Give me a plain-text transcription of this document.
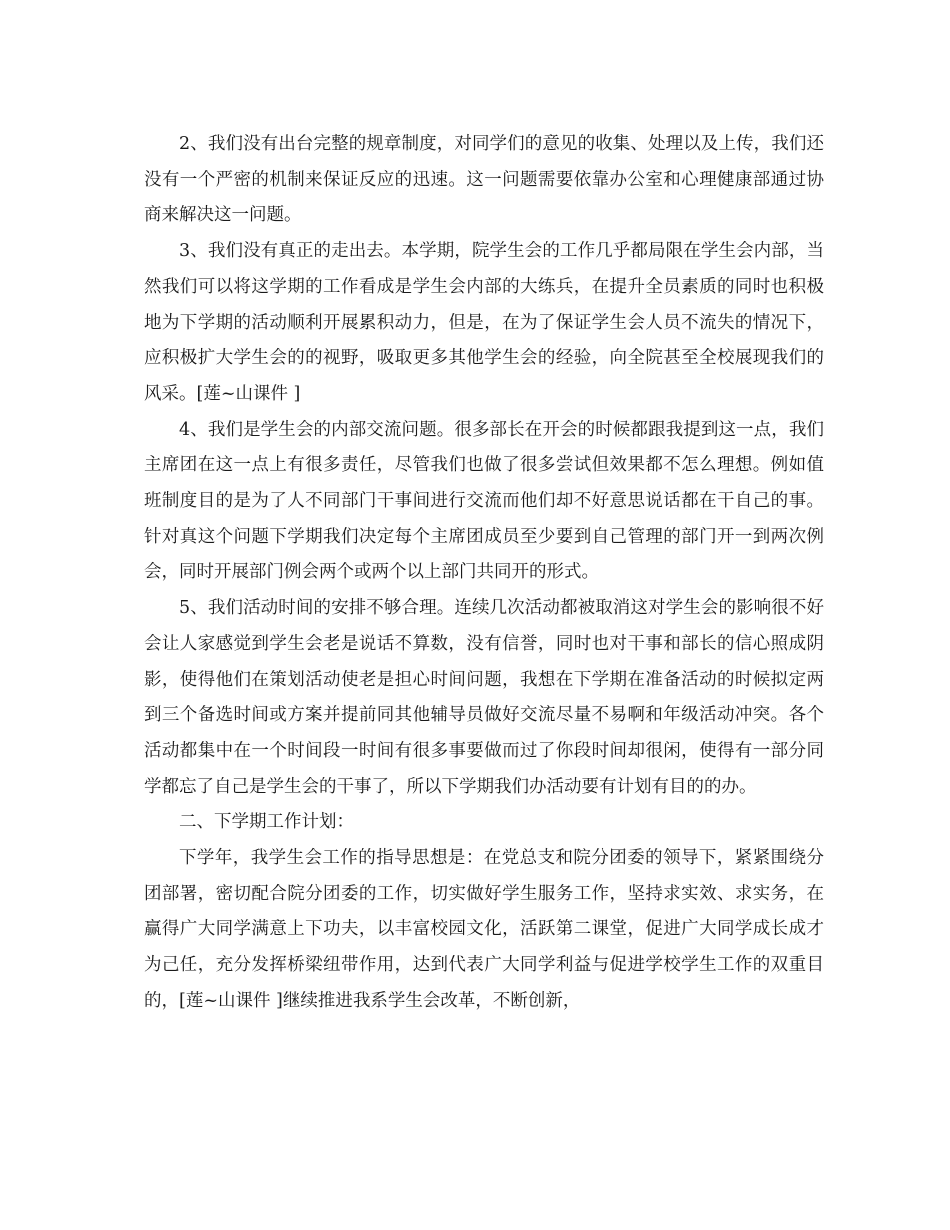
2、我们没有出台完整的规章制度，对同学们的意见的收集、处理以及上传，我们还没有一个严密的机制来保证反应的迅速。这一问题需要依靠办公室和心理健康部通过协商来解决这一问题。

3、我们没有真正的走出去。本学期，院学生会的工作几乎都局限在学生会内部，当然我们可以将这学期的工作看成是学生会内部的大练兵，在提升全员素质的同时也积极地为下学期的活动顺利开展累积动力，但是，在为了保证学生会人员不流失的情况下，应积极扩大学生会的的视野，吸取更多其他学生会的经验，向全院甚至全校展现我们的风采。[莲~山课件 ]

4、我们是学生会的内部交流问题。很多部长在开会的时候都跟我提到这一点，我们主席团在这一点上有很多责任，尽管我们也做了很多尝试但效果都不怎么理想。例如值班制度目的是为了人不同部门干事间进行交流而他们却不好意思说话都在干自己的事。针对真这个问题下学期我们决定每个主席团成员至少要到自己管理的部门开一到两次例会，同时开展部门例会两个或两个以上部门共同开的形式。

5、我们活动时间的安排不够合理。连续几次活动都被取消这对学生会的影响很不好会让人家感觉到学生会老是说话不算数，没有信誉，同时也对干事和部长的信心照成阴影，使得他们在策划活动使老是担心时间问题，我想在下学期在准备活动的时候拟定两到三个备选时间或方案并提前同其他辅导员做好交流尽量不易啊和年级活动冲突。各个活动都集中在一个时间段一时间有很多事要做而过了你段时间却很闲，使得有一部分同学都忘了自己是学生会的干事了，所以下学期我们办活动要有计划有目的的办。

二、下学期工作计划：

下学年，我学生会工作的指导思想是：在党总支和院分团委的领导下，紧紧围绕分团部署，密切配合院分团委的工作，切实做好学生服务工作，坚持求实效、求实务，在赢得广大同学满意上下功夫，以丰富校园文化，活跃第二课堂，促进广大同学成长成才为己任，充分发挥桥梁纽带作用，达到代表广大同学利益与促进学校学生工作的双重目的，[莲~山课件 ]继续推进我系学生会改革，不断创新，
